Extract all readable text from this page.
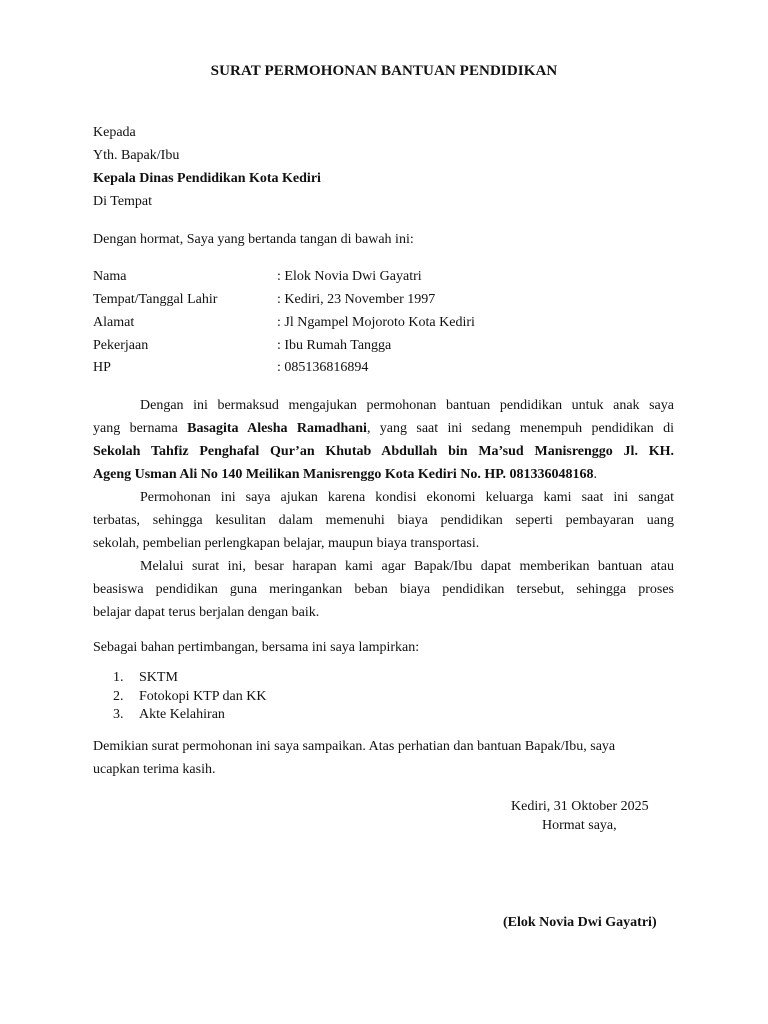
SURAT PERMOHONAN BANTUAN PENDIDIKAN
Kepada
Yth. Bapak/Ibu
Kepala Dinas Pendidikan Kota Kediri
Di Tempat
Dengan hormat, Saya yang bertanda tangan di bawah ini:
Nama	: Elok Novia Dwi Gayatri
Tempat/Tanggal Lahir	: Kediri, 23 November 1997
Alamat	: Jl Ngampel Mojoroto Kota Kediri
Pekerjaan	: Ibu Rumah Tangga
HP	: 085136816894
Dengan ini bermaksud mengajukan permohonan bantuan pendidikan untuk anak saya
yang bernama Basagita Alesha Ramadhani, yang saat ini sedang menempuh pendidikan di
Sekolah Tahfiz Penghafal Qur’an Khutab Abdullah bin Ma’sud Manisrenggo Jl. KH.
Ageng Usman Ali No 140 Meilikan Manisrenggo Kota Kediri No. HP. 081336048168.
Permohonan ini saya ajukan karena kondisi ekonomi keluarga kami saat ini sangat
terbatas, sehingga kesulitan dalam memenuhi biaya pendidikan seperti pembayaran uang
sekolah, pembelian perlengkapan belajar, maupun biaya transportasi.
Melalui surat ini, besar harapan kami agar Bapak/Ibu dapat memberikan bantuan atau
beasiswa pendidikan guna meringankan beban biaya pendidikan tersebut, sehingga proses
belajar dapat terus berjalan dengan baik.
Sebagai bahan pertimbangan, bersama ini saya lampirkan:
1. SKTM
2. Fotokopi KTP dan KK
3. Akte Kelahiran
Demikian surat permohonan ini saya sampaikan. Atas perhatian dan bantuan Bapak/Ibu, saya
ucapkan terima kasih.
Kediri, 31 Oktober 2025
Hormat saya,
(Elok Novia Dwi Gayatri)
